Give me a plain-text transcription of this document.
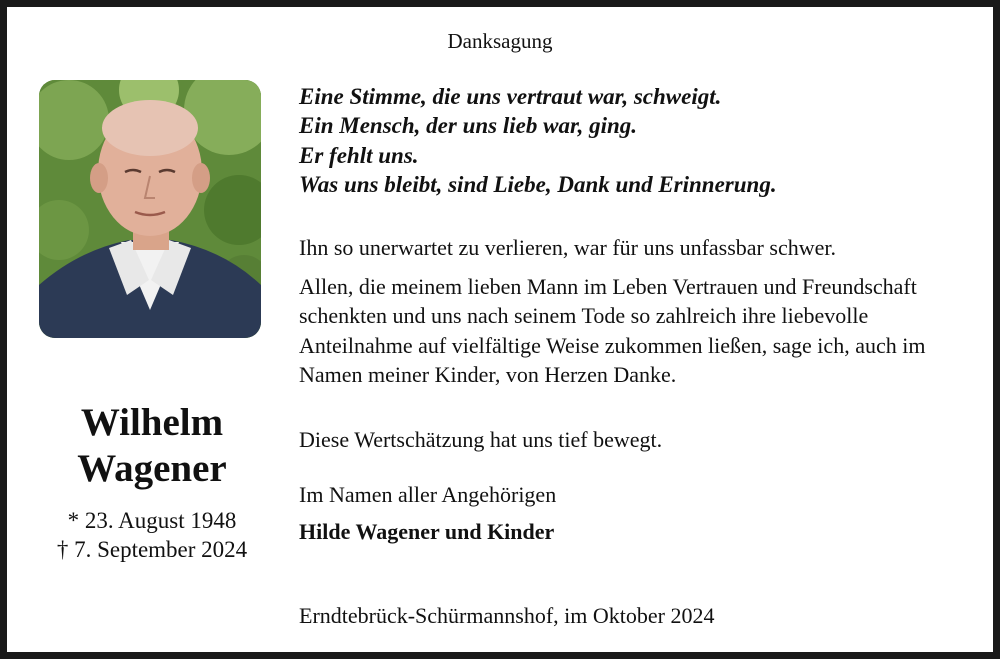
Danksagung
Wilhelm
Wagener
* 23. August 1948
† 7. September 2024
Eine Stimme, die uns vertraut war, schweigt.
Ein Mensch, der uns lieb war, ging.
Er fehlt uns.
Was uns bleibt, sind Liebe, Dank und Erinnerung.
Ihn so unerwartet zu verlieren, war für uns unfassbar schwer.
Allen, die meinem lieben Mann im Leben Vertrauen und Freundschaft schenkten und uns nach seinem Tode so zahlreich ihre liebevolle Anteilnahme auf vielfältige Weise zukommen ließen, sage ich, auch im Namen meiner Kinder, von Herzen Danke.
Diese Wertschätzung hat uns tief bewegt.
Im Namen aller Angehörigen
Hilde Wagener und Kinder
Erndtebrück-Schürmannshof, im Oktober 2024
